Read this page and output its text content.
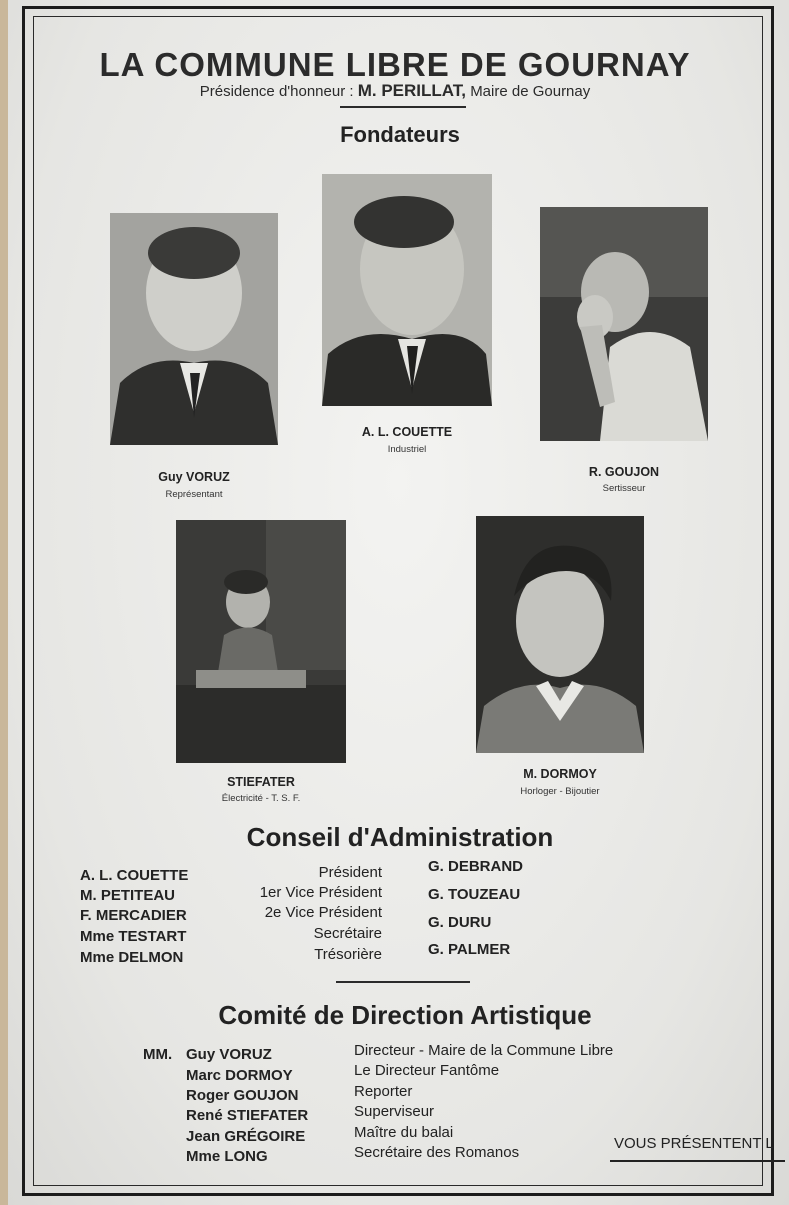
LA COMMUNE LIBRE DE GOURNAY
Présidence d'honneur : M. PERILLAT, Maire de Gournay
Fondateurs
Guy VORUZ
Représentant
A. L. COUETTE
Industriel
R. GOUJON
Sertisseur
STIEFATER
Électricité - T. S. F.
M. DORMOY
Horloger - Bijoutier
Conseil d'Administration
A. L. COUETTE	Président
M. PETITEAU	1er Vice Président
F. MERCADIER	2e Vice Président
Mme TESTART	Secrétaire
Mme DELMON	Trésorière
G. DEBRAND
G. TOUZEAU
G. DURU
G. PALMER
Comité de Direction Artistique
MM. Guy VORUZ	Directeur - Maire de la Commune Libre
Marc DORMOY	Le Directeur Fantôme
Roger GOUJON	Reporter
René STIEFATER	Superviseur
Jean GRÉGOIRE	Maître du balai
Mme LONG	Secrétaire des Romanos
VOUS PRÉSENTENT L
